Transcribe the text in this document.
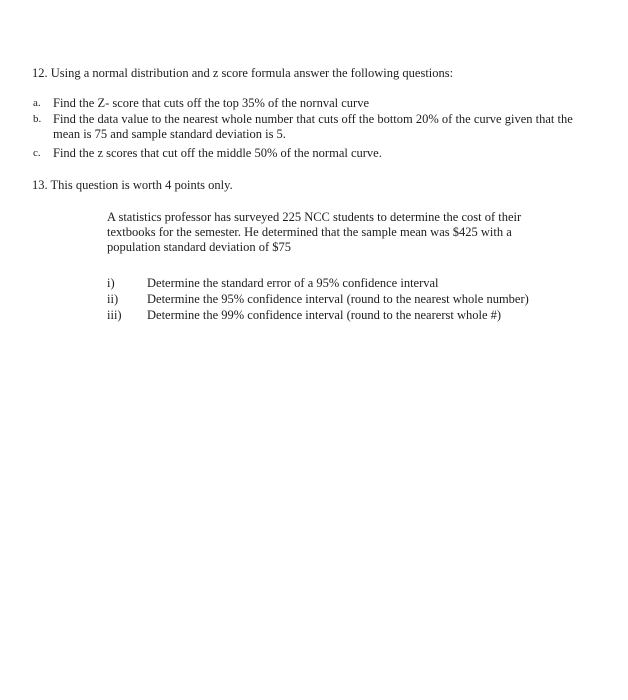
12. Using a normal distribution and z score formula answer the following questions:
a. Find the Z- score that cuts off the top 35% of the nornval curve
b. Find the data value to the nearest whole number that cuts off the bottom 20% of the curve given that the mean is 75 and sample standard deviation is 5.
c. Find the z scores that cut off the middle 50% of the normal curve.
13. This question is worth 4 points only.
A statistics professor has surveyed 225 NCC students to determine the cost of their textbooks for the semester. He determined that the sample mean was $425 with a population standard deviation of $75
i)	Determine the standard error of a 95% confidence interval
ii) Determine the 95% confidence interval (round to the nearest whole number)
iii) Determine the 99% confidence interval (round to the nearerst whole #)
